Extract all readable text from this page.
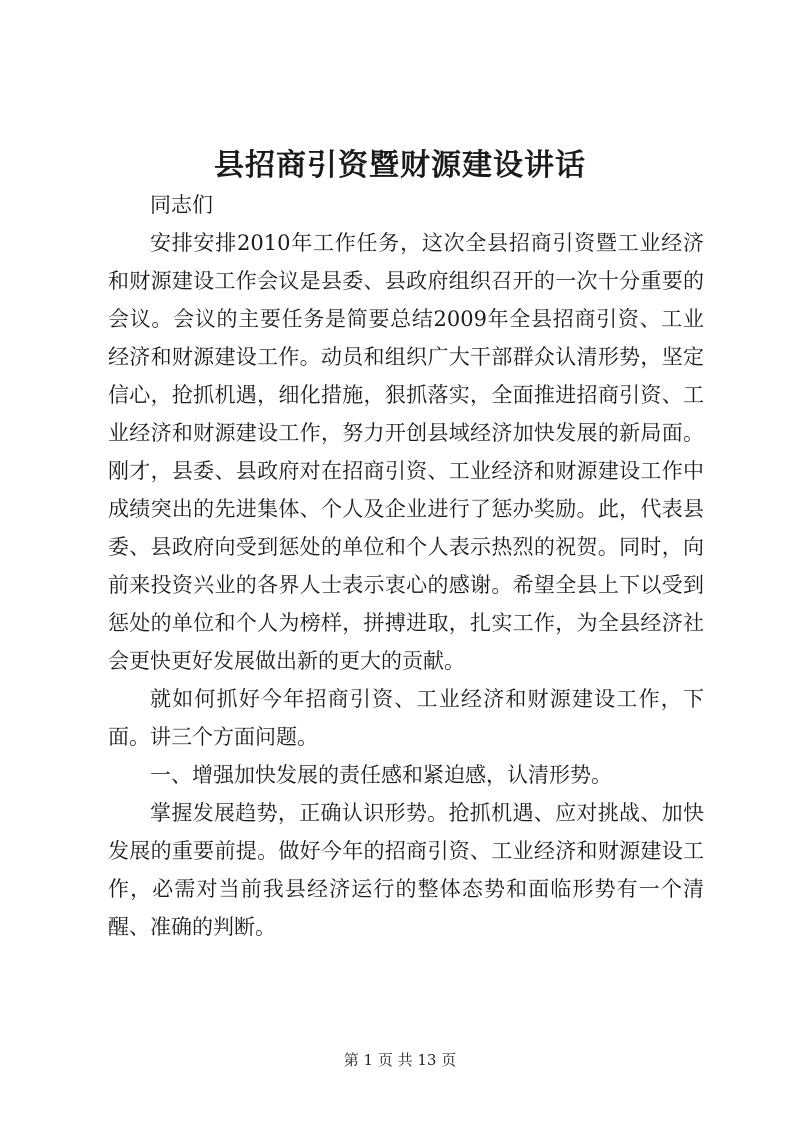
县招商引资暨财源建设讲话

同志们

安排安排2010年工作任务，这次全县招商引资暨工业经济和财源建设工作会议是县委、县政府组织召开的一次十分重要的会议。会议的主要任务是简要总结2009年全县招商引资、工业经济和财源建设工作。动员和组织广大干部群众认清形势，坚定信心，抢抓机遇，细化措施，狠抓落实，全面推进招商引资、工业经济和财源建设工作，努力开创县域经济加快发展的新局面。刚才，县委、县政府对在招商引资、工业经济和财源建设工作中成绩突出的先进集体、个人及企业进行了惩办奖励。此，代表县委、县政府向受到惩处的单位和个人表示热烈的祝贺。同时，向前来投资兴业的各界人士表示衷心的感谢。希望全县上下以受到惩处的单位和个人为榜样，拼搏进取，扎实工作，为全县经济社会更快更好发展做出新的更大的贡献。

就如何抓好今年招商引资、工业经济和财源建设工作，下面。讲三个方面问题。

一、增强加快发展的责任感和紧迫感，认清形势。

掌握发展趋势，正确认识形势。抢抓机遇、应对挑战、加快发展的重要前提。做好今年的招商引资、工业经济和财源建设工作，必需对当前我县经济运行的整体态势和面临形势有一个清醒、准确的判断。

第 1 页 共 13 页
